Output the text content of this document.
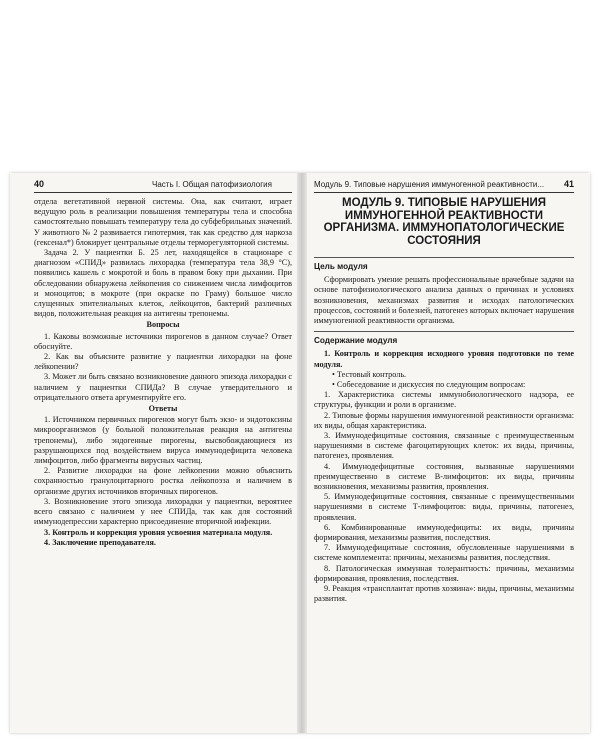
40	Часть I. Общая патофизиология

отдела вегетативной нервной системы. Она, как считают, играет ведущую роль в реализации повышения температуры тела и способна самостоятельно повышать температуру тела до субфебрильных значений. У животного № 2 развивается гипотермия, так как средство для наркоза (гексенал*) блокирует центральные отделы терморегуляторной системы.

Задача 2. У пациентки Б. 25 лет, находящейся в стационаре с диагнозом «СПИД» развилась лихорадка (температура тела 38,9 °С), появились кашель с мокротой и боль в правом боку при дыхании. При обследовании обнаружена лейкопения со снижением числа лимфоцитов и моноцитов; в мокроте (при окраске по Граму) большое число слущенных эпителиальных клеток, лейкоцитов, бактерий различных видов, положительная реакция на антигены трепонемы.

Вопросы

1. Каковы возможные источники пирогенов в данном случае? Ответ обоснуйте.

2. Как вы объясните развитие у пациентки лихорадки на фоне лейкопении?

3. Может ли быть связано возникновение данного эпизода лихорадки с наличием у пациентки СПИДа? В случае утвердительного и отрицательного ответа аргументируйте его.

Ответы

1. Источником первичных пирогенов могут быть экзо- и эндотоксины микроорганизмов (у больной положительная реакция на антигены трепонемы), либо эндогенные пирогены, высвобождающиеся из разрушающихся под воздействием вируса иммунодефицита человека лимфоцитов, либо фрагменты вирусных частиц.

2. Развитие лихорадки на фоне лейкопении можно объяснить сохранностью гранулоцитарного ростка лейкопоэза и наличием в организме других источников вторичных пирогенов.

3. Возникновение этого эпизода лихорадки у пациентки, вероятнее всего связано с наличием у нее СПИДа, так как для состояний иммунодепрессии характерно присоединение вторичной инфекции.

3. Контроль и коррекция уровня усвоения материала модуля.

4. Заключение преподавателя.

Модуль 9. Типовые нарушения иммуногенной реактивности... 41
МОДУЛЬ 9. ТИПОВЫЕ НАРУШЕНИЯ ИММУНОГЕННОЙ РЕАКТИВНОСТИ ОРГАНИЗМА. ИММУНОПАТОЛОГИЧЕСКИЕ СОСТОЯНИЯ
Цель модуля

Сформировать умение решать профессиональные врачебные задачи на основе патофизиологического анализа данных о причинах и условиях возникновения, механизмах развития и исходах патологических процессов, состояний и болезней, патогенез которых включает нарушения иммуногенной реактивности организма.

Содержание модуля

1. Контроль и коррекция исходного уровня подготовки по теме модуля.

• Тестовый контроль.

• Собеседование и дискуссия по следующим вопросам:

1. Характеристика системы иммунобиологического надзора, ее структуры, функции и роли в организме.

2. Типовые формы нарушения иммуногенной реактивности организма: их виды, общая характеристика.

3. Иммунодефицитные состояния, связанные с преимущественным нарушениями в системе фагоцитирующих клеток: их виды, причины, патогенез, проявления.

4. Иммунодефицитные состояния, вызванные нарушениями преимущественно в системе В-лимфоцитов: их виды, причины возникновения, механизмы развития, проявления.

5. Иммунодефицитные состояния, связанные с преимущественными нарушениями в системе Т-лимфоцитов: виды, причины, патогенез, проявления.

6. Комбинированные иммунодефициты: их виды, причины формирования, механизмы развития, последствия.

7. Иммунодефицитные состояния, обусловленные нарушениями в системе комплемента: причины, механизмы развития, последствия.

8. Патологическая иммунная толерантность: причины, механизмы формирования, проявления, последствия.

9. Реакция «трансплантат против хозяина»: виды, причины, механизмы развития.
